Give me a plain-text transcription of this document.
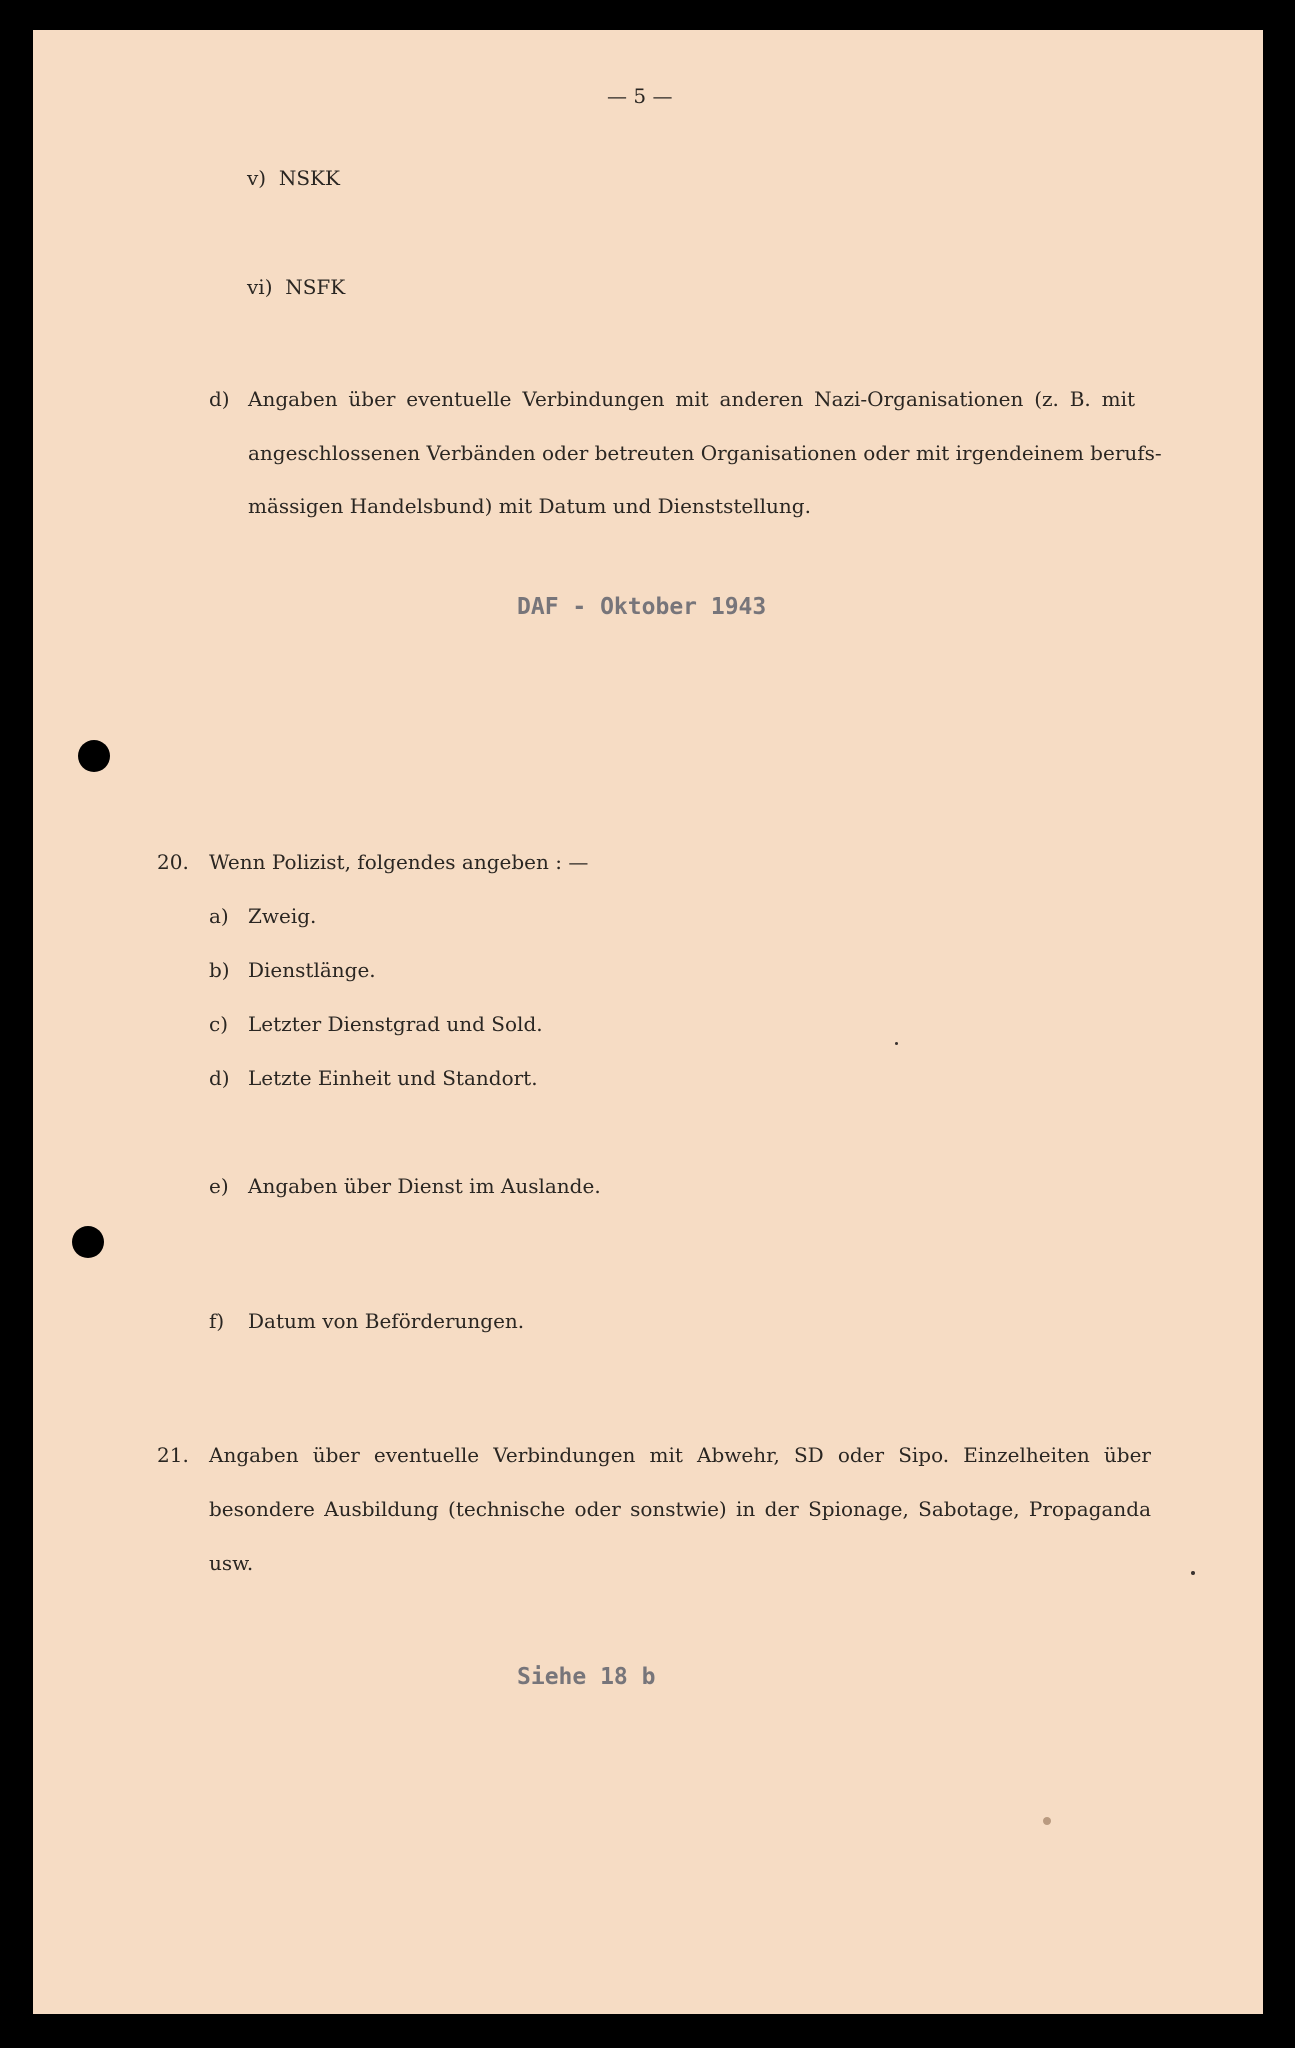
— 5 —
v)  NSKK
vi)  NSFK
d) Angaben über eventuelle Verbindungen mit anderen Nazi-Organisationen (z. B. mit
angeschlossenen Verbänden oder betreuten Organisationen oder mit irgendeinem berufs-
mässigen Handelsbund) mit Datum und Dienststellung.
DAF - Oktober 1943
20. Wenn Polizist, folgendes angeben : —
a) Zweig.
b) Dienstlänge.
c) Letzter Dienstgrad und Sold.
d) Letzte Einheit und Standort.
e) Angaben über Dienst im Auslande.
f) Datum von Beförderungen.
21. Angaben über eventuelle Verbindungen mit Abwehr, SD oder Sipo. Einzelheiten über
besondere Ausbildung (technische oder sonstwie) in der Spionage, Sabotage, Propaganda
usw.
Siehe 18 b
